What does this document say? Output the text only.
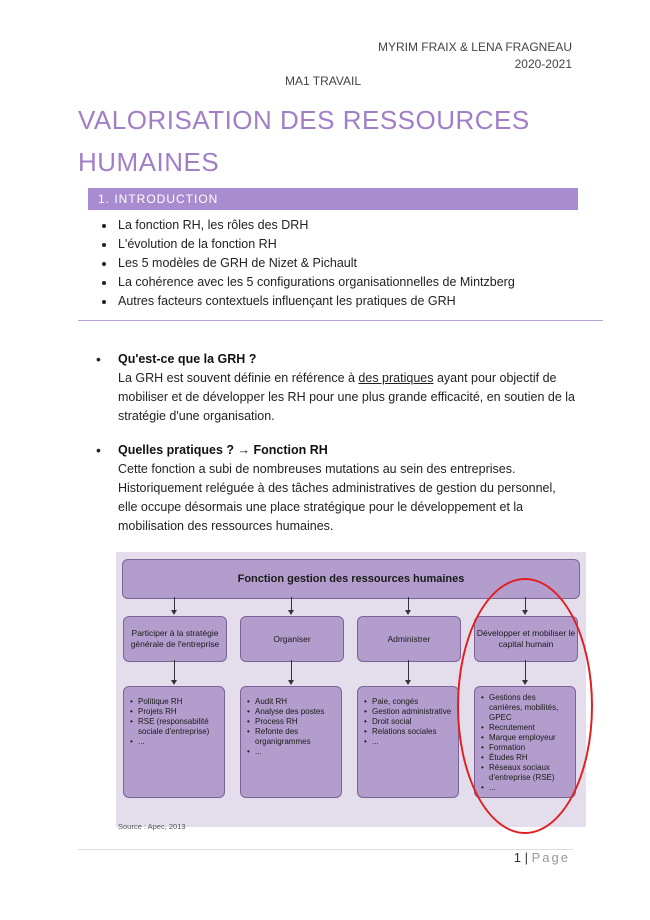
MYRIM FRAIX & LENA FRAGNEAU
2020-2021
MA1 TRAVAIL
VALORISATION DES RESSOURCES
HUMAINES
1. INTRODUCTION
• La fonction RH, les rôles des DRH
• L'évolution de la fonction RH
• Les 5 modèles de GRH de Nizet & Pichault
• La cohérence avec les 5 configurations organisationnelles de Mintzberg
• Autres facteurs contextuels influençant les pratiques de GRH
• Qu'est-ce que la GRH ?
La GRH est souvent définie en référence à des pratiques ayant pour objectif de mobiliser et de développer les RH pour une plus grande efficacité, en soutien de la stratégie d'une organisation.
• Quelles pratiques ? → Fonction RH
Cette fonction a subi de nombreuses mutations au sein des entreprises. Historiquement reléguée à des tâches administratives de gestion du personnel, elle occupe désormais une place stratégique pour le développement et la mobilisation des ressources humaines.
Fonction gestion des ressources humaines
Participer à la stratégie générale de l'entreprise
Organiser	Administrer
Développer et mobiliser le capital humain
• Politique RH
• Projets RH
• RSE (responsabilité sociale d'entreprise)
• ...
• Audit RH
• Analyse des postes
• Process RH
• Refonte des organigrammes
• ...
• Paie, congés
• Gestion administrative
• Droit social
• Relations sociales
• ...
• Gestions des carrières, mobilités, GPEC
• Recrutement
• Marque employeur
• Formation
• Études RH
• Réseaux sociaux d'entreprise (RSE)
• ...
Source : Apec, 2013
1 | Page
